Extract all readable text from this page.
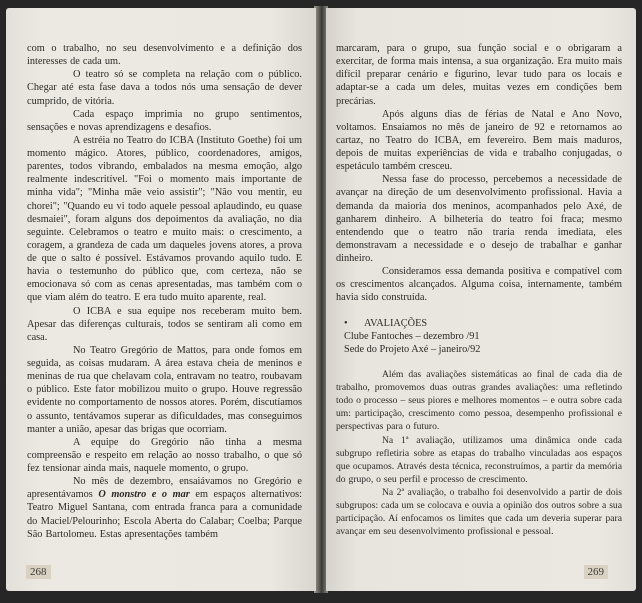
com o trabalho, no seu desenvolvimento e a definição dos interesses de cada um.

O teatro só se completa na relação com o público. Chegar até esta fase dava a todos nós uma sensação de dever cumprido, de vitória.

Cada espaço imprimia no grupo sentimentos, sensações e novas aprendizagens e desafios.

A estréia no Teatro do ICBA (Instituto Goethe) foi um momento mágico. Atores, público, coordenadores, amigos, parentes, todos vibrando, embalados na mesma emoção, algo realmente indescritível. "Foi o momento mais importante de minha vida"; "Minha mãe veio assistir"; "Não vou mentir, eu chorei"; "Quando eu vi todo aquele pessoal aplaudindo, eu quase desmaiei", foram alguns dos depoimentos da avaliação, no dia seguinte. Celebramos o teatro e muito mais: o crescimento, a coragem, a grandeza de cada um daqueles jovens atores, a prova de que o salto é possível. Estávamos provando aquilo tudo. E havia o testemunho do público que, com certeza, não se emocionava só com as cenas apresentadas, mas também com o que viam além do teatro. E era tudo muito aparente, real.

O ICBA e sua equipe nos receberam muito bem. Apesar das diferenças culturais, todos se sentiram ali como em casa.

No Teatro Gregório de Mattos, para onde fomos em seguida, as coisas mudaram. A área estava cheia de meninos e meninas de rua que chelavam cola, entravam no teatro, roubavam o público. Este fator mobilizou muito o grupo. Houve regressão evidente no comportamento de nossos atores. Porém, discutíamos o assunto, tentávamos superar as dificuldades, mas conseguimos manter a união, apesar das brigas que ocorriam.

A equipe do Gregório não tinha a mesma compreensão e respeito em relação ao nosso trabalho, o que só fez tensionar ainda mais, naquele momento, o grupo.

No mês de dezembro, ensaiávamos no Gregório e apresentávamos O monstro e o mar em espaços alternativos: Teatro Miguel Santana, com entrada franca para a comunidade do Maciel/Pelourinho; Escola Aberta do Calabar; Coelba; Parque São Bartolomeu. Estas apresentações também

268

marcaram, para o grupo, sua função social e o obrigaram a exercitar, de forma mais intensa, a sua organização. Era muito mais difícil preparar cenário e figurino, levar tudo para os locais e adaptar-se a cada um deles, muitas vezes em condições bem precárias.

Após alguns dias de férias de Natal e Ano Novo, voltamos. Ensaiamos no mês de janeiro de 92 e retornamos ao cartaz, no Teatro do ICBA, em fevereiro. Bem mais maduros, depois de muitas experiências de vida e trabalho conjugadas, o espetáculo também cresceu.

Nessa fase do processo, percebemos a necessidade de avançar na direção de um desenvolvimento profissional. Havia a demanda da maioria dos meninos, acompanhados pelo Axé, de ganharem dinheiro. A bilheteria do teatro foi fraca; mesmo entendendo que o teatro não traria renda imediata, eles demonstravam a necessidade e o desejo de trabalhar e ganhar dinheiro.

Consideramos essa demanda positiva e compatível com os crescimentos alcançados. Alguma coisa, internamente, também havia sido construída.

• AVALIAÇÕES
Clube Fantoches – dezembro /91
Sede do Projeto Axé – janeiro/92

Além das avaliações sistemáticas ao final de cada dia de trabalho, promovemos duas outras grandes avaliações: uma refletindo todo o processo – seus piores e melhores momentos – e outra sobre cada um: participação, crescimento como pessoa, desempenho profissional e perspectivas para o futuro.

Na 1ª avaliação, utilizamos uma dinâmica onde cada subgrupo refletiria sobre as etapas do trabalho vinculadas aos espaços que ocupamos. Através desta técnica, reconstruímos, a partir da memória do grupo, o seu perfil e processo de crescimento.

Na 2ª avaliação, o trabalho foi desenvolvido a partir de dois subgrupos: cada um se colocava e ouvia a opinião dos outros sobre a sua participação. Aí enfocamos os limites que cada um deveria superar para avançar em seu desenvolvimento profissional e pessoal.

269
